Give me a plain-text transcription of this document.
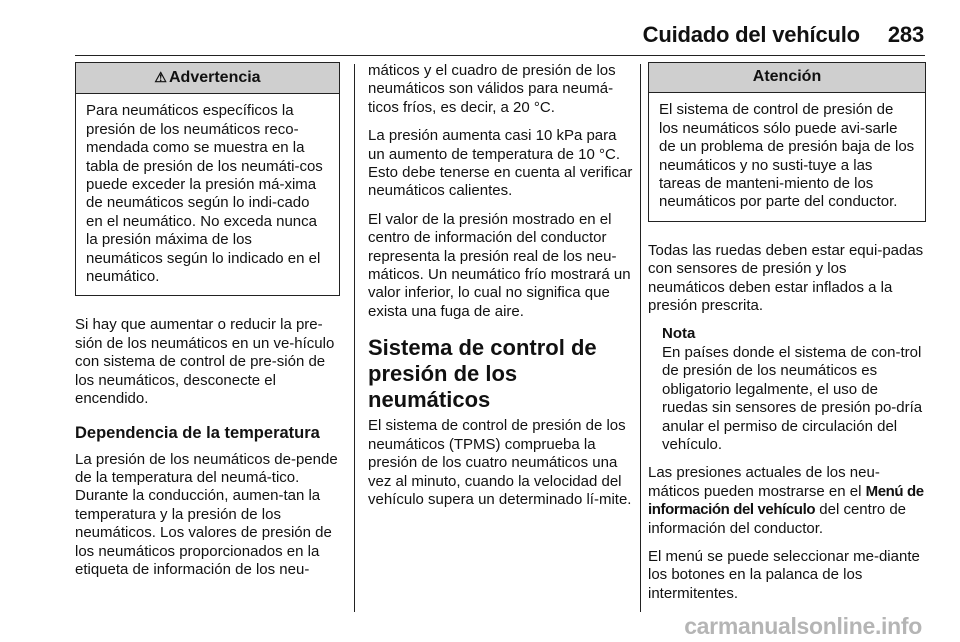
Cuidado del vehículo 283
⚠ Advertencia
Para neumáticos específicos la presión de los neumáticos reco-mendada como se muestra en la tabla de presión de los neumáti-cos puede exceder la presión má-xima de neumáticos según lo indi-cado en el neumático. No exceda nunca la presión máxima de los neumáticos según lo indicado en el neumático.

Si hay que aumentar o reducir la pre-sión de los neumáticos en un ve-hículo con sistema de control de pre-sión de los neumáticos, desconecte el encendido.

Dependencia de la temperatura

La presión de los neumáticos de-pende de la temperatura del neumá-tico. Durante la conducción, aumen-tan la temperatura y la presión de los neumáticos. Los valores de presión de los neumáticos proporcionados en la etiqueta de información de los neu-

máticos y el cuadro de presión de los neumáticos son válidos para neumá-ticos fríos, es decir, a 20 °C.

La presión aumenta casi 10 kPa para un aumento de temperatura de 10 °C. Esto debe tenerse en cuenta al verificar neumáticos calientes.

El valor de la presión mostrado en el centro de información del conductor representa la presión real de los neu-máticos. Un neumático frío mostrará un valor inferior, lo cual no significa que exista una fuga de aire.

Sistema de control de presión de los neumáticos

El sistema de control de presión de los neumáticos (TPMS) comprueba la presión de los cuatro neumáticos una vez al minuto, cuando la velocidad del vehículo supera un determinado lí-mite.

Atención
El sistema de control de presión de los neumáticos sólo puede avi-sarle de un problema de presión baja de los neumáticos y no susti-tuye a las tareas de manteni-miento de los neumáticos por parte del conductor.

Todas las ruedas deben estar equi-padas con sensores de presión y los neumáticos deben estar inflados a la presión prescrita.

Nota
En países donde el sistema de con-trol de presión de los neumáticos es obligatorio legalmente, el uso de ruedas sin sensores de presión po-dría anular el permiso de circulación del vehículo.

Las presiones actuales de los neu-máticos pueden mostrarse en el Menú de información del vehículo del centro de información del conductor.

El menú se puede seleccionar me-diante los botones en la palanca de los intermitentes.

carmanualsonline.info
